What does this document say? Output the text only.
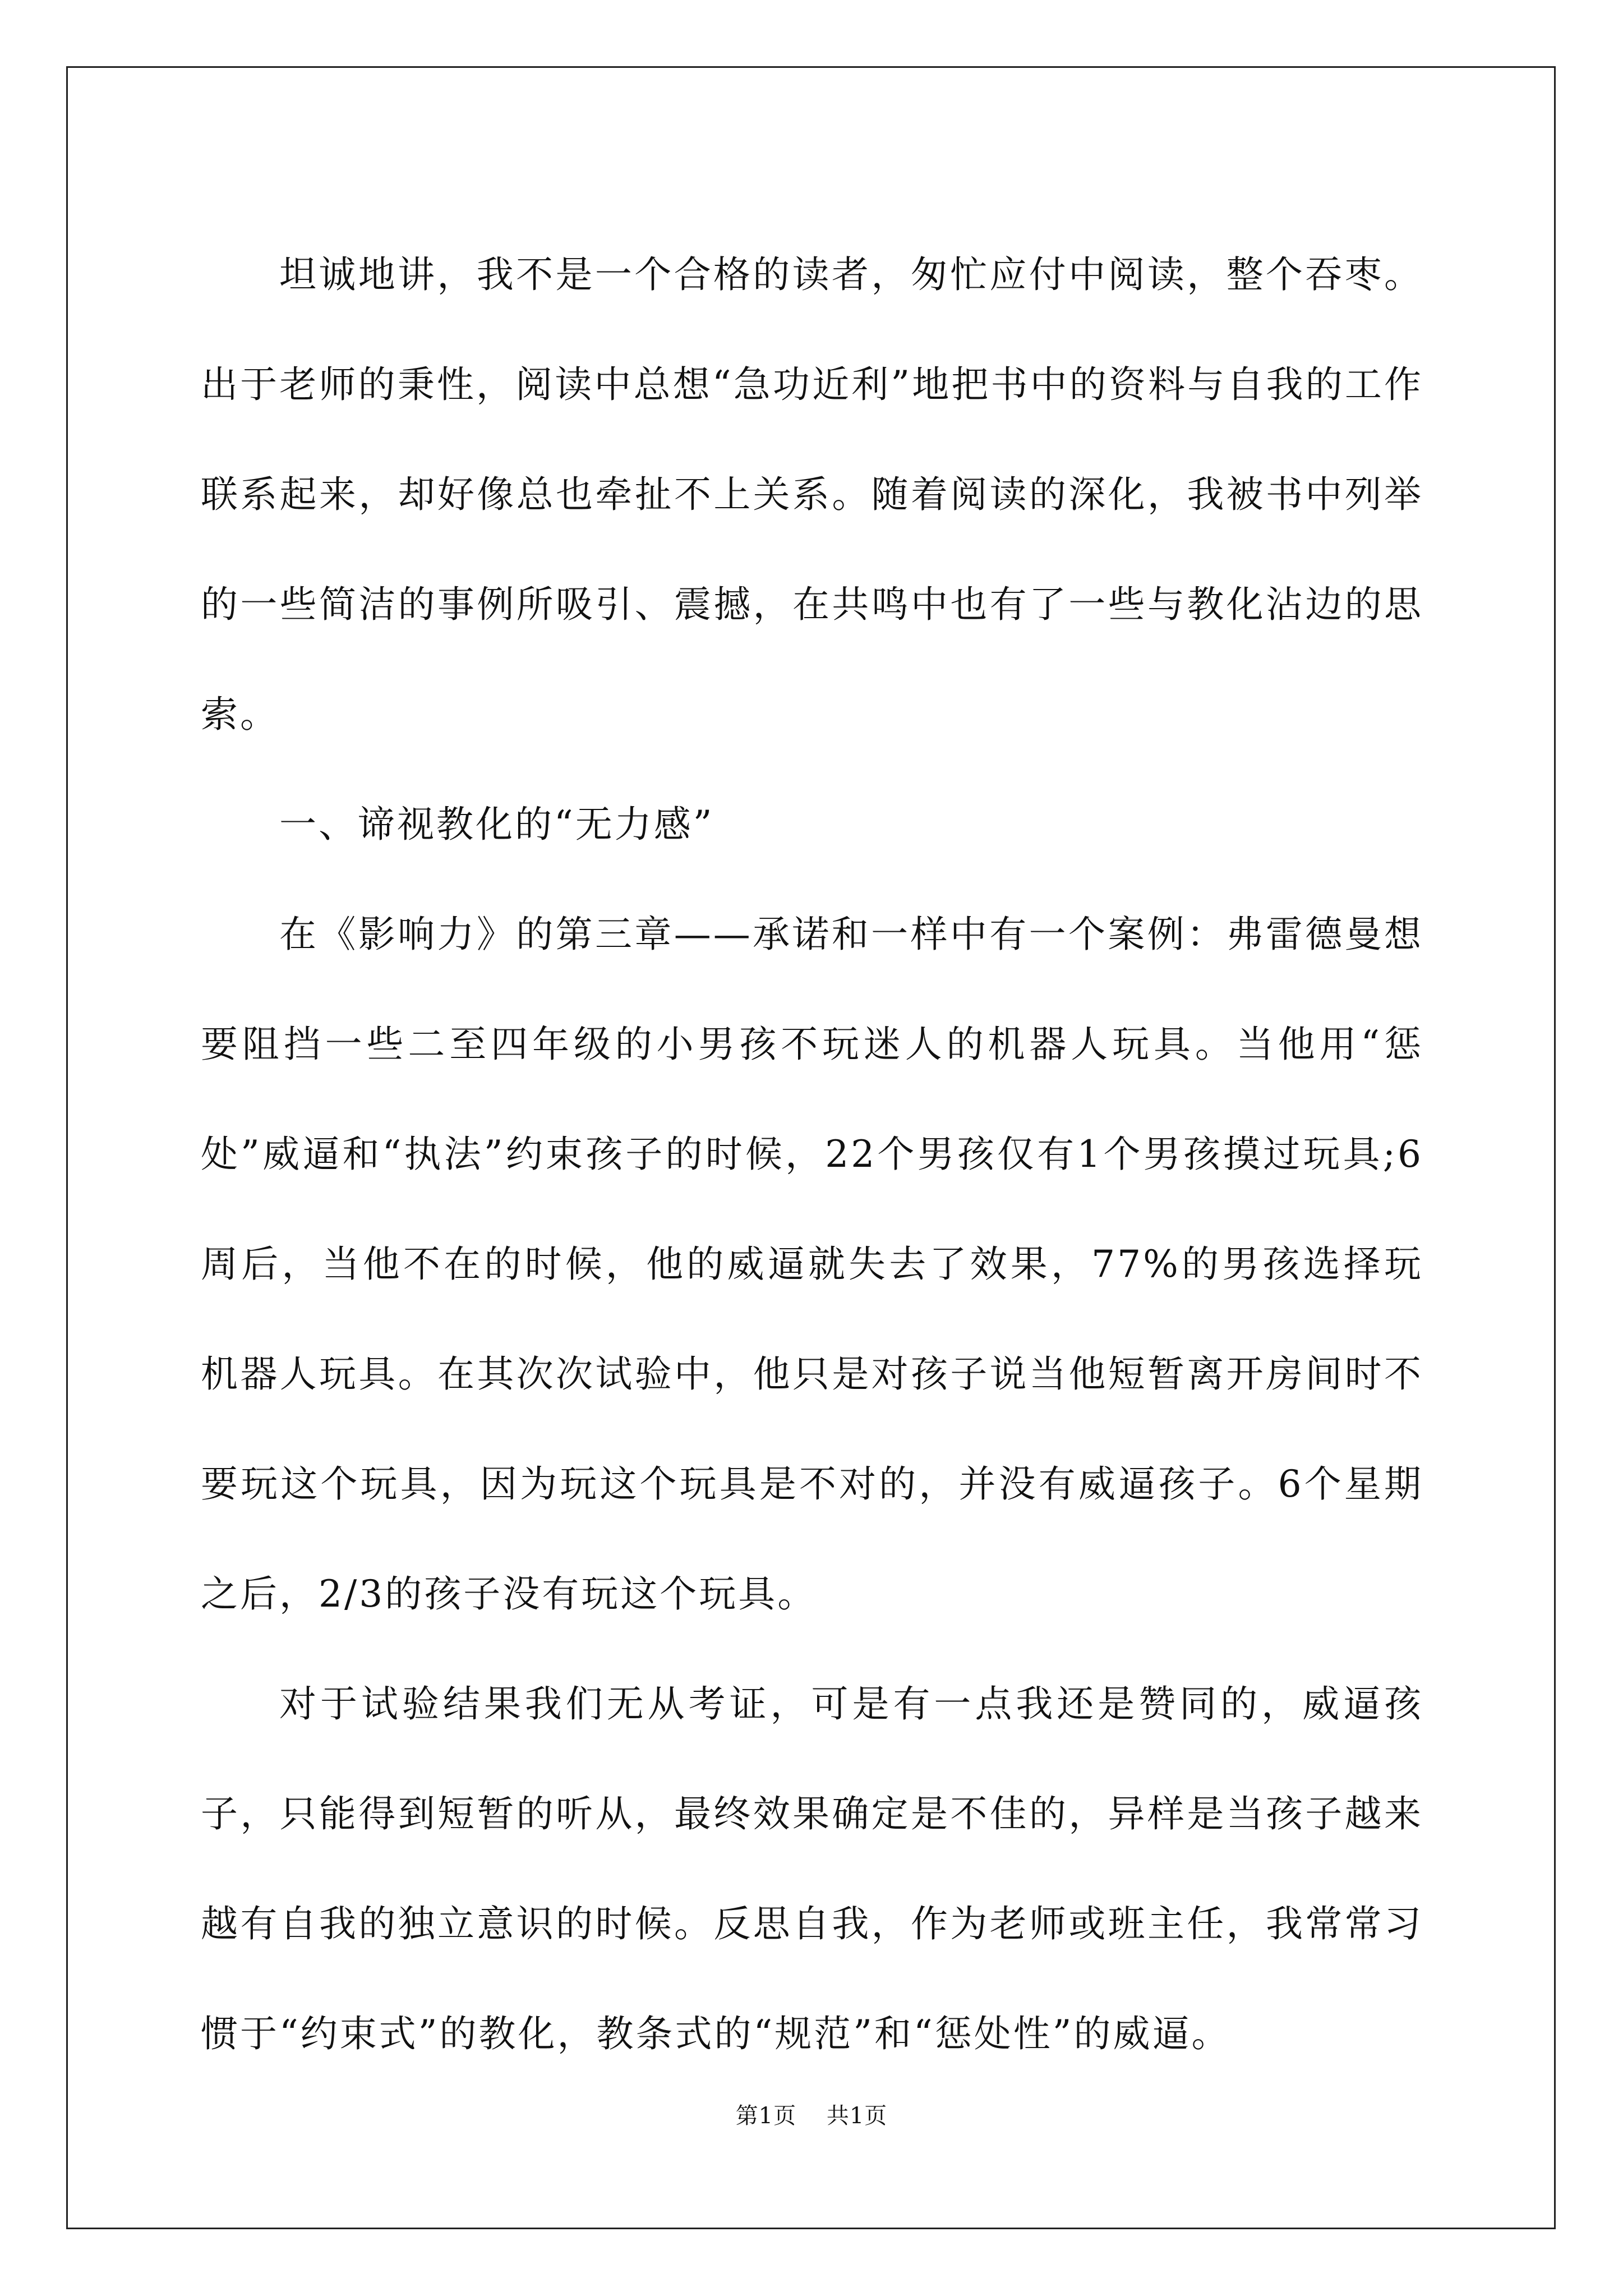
坦诚地讲，我不是一个合格的读者，匆忙应付中阅读，整个吞枣。出于老师的秉性，阅读中总想“急功近利”地把书中的资料与自我的工作联系起来，却好像总也牵扯不上关系。随着阅读的深化，我被书中列举的一些简洁的事例所吸引、震撼，在共鸣中也有了一些与教化沾边的思索。

一、谛视教化的“无力感”

在《影响力》的第三章——承诺和一样中有一个案例：弗雷德曼想要阻挡一些二至四年级的小男孩不玩迷人的机器人玩具。当他用“惩处”威逼和“执法”约束孩子的时候，22个男孩仅有1个男孩摸过玩具;6周后，当他不在的时候，他的威逼就失去了效果，77%的男孩选择玩机器人玩具。在其次次试验中，他只是对孩子说当他短暂离开房间时不要玩这个玩具，因为玩这个玩具是不对的，并没有威逼孩子。6个星期之后，2/3的孩子没有玩这个玩具。

对于试验结果我们无从考证，可是有一点我还是赞同的，威逼孩子，只能得到短暂的听从，最终效果确定是不佳的，异样是当孩子越来越有自我的独立意识的时候。反思自我，作为老师或班主任，我常常习惯于“约束式”的教化，教条式的“规范”和“惩处性”的威逼。

第1页 共1页
